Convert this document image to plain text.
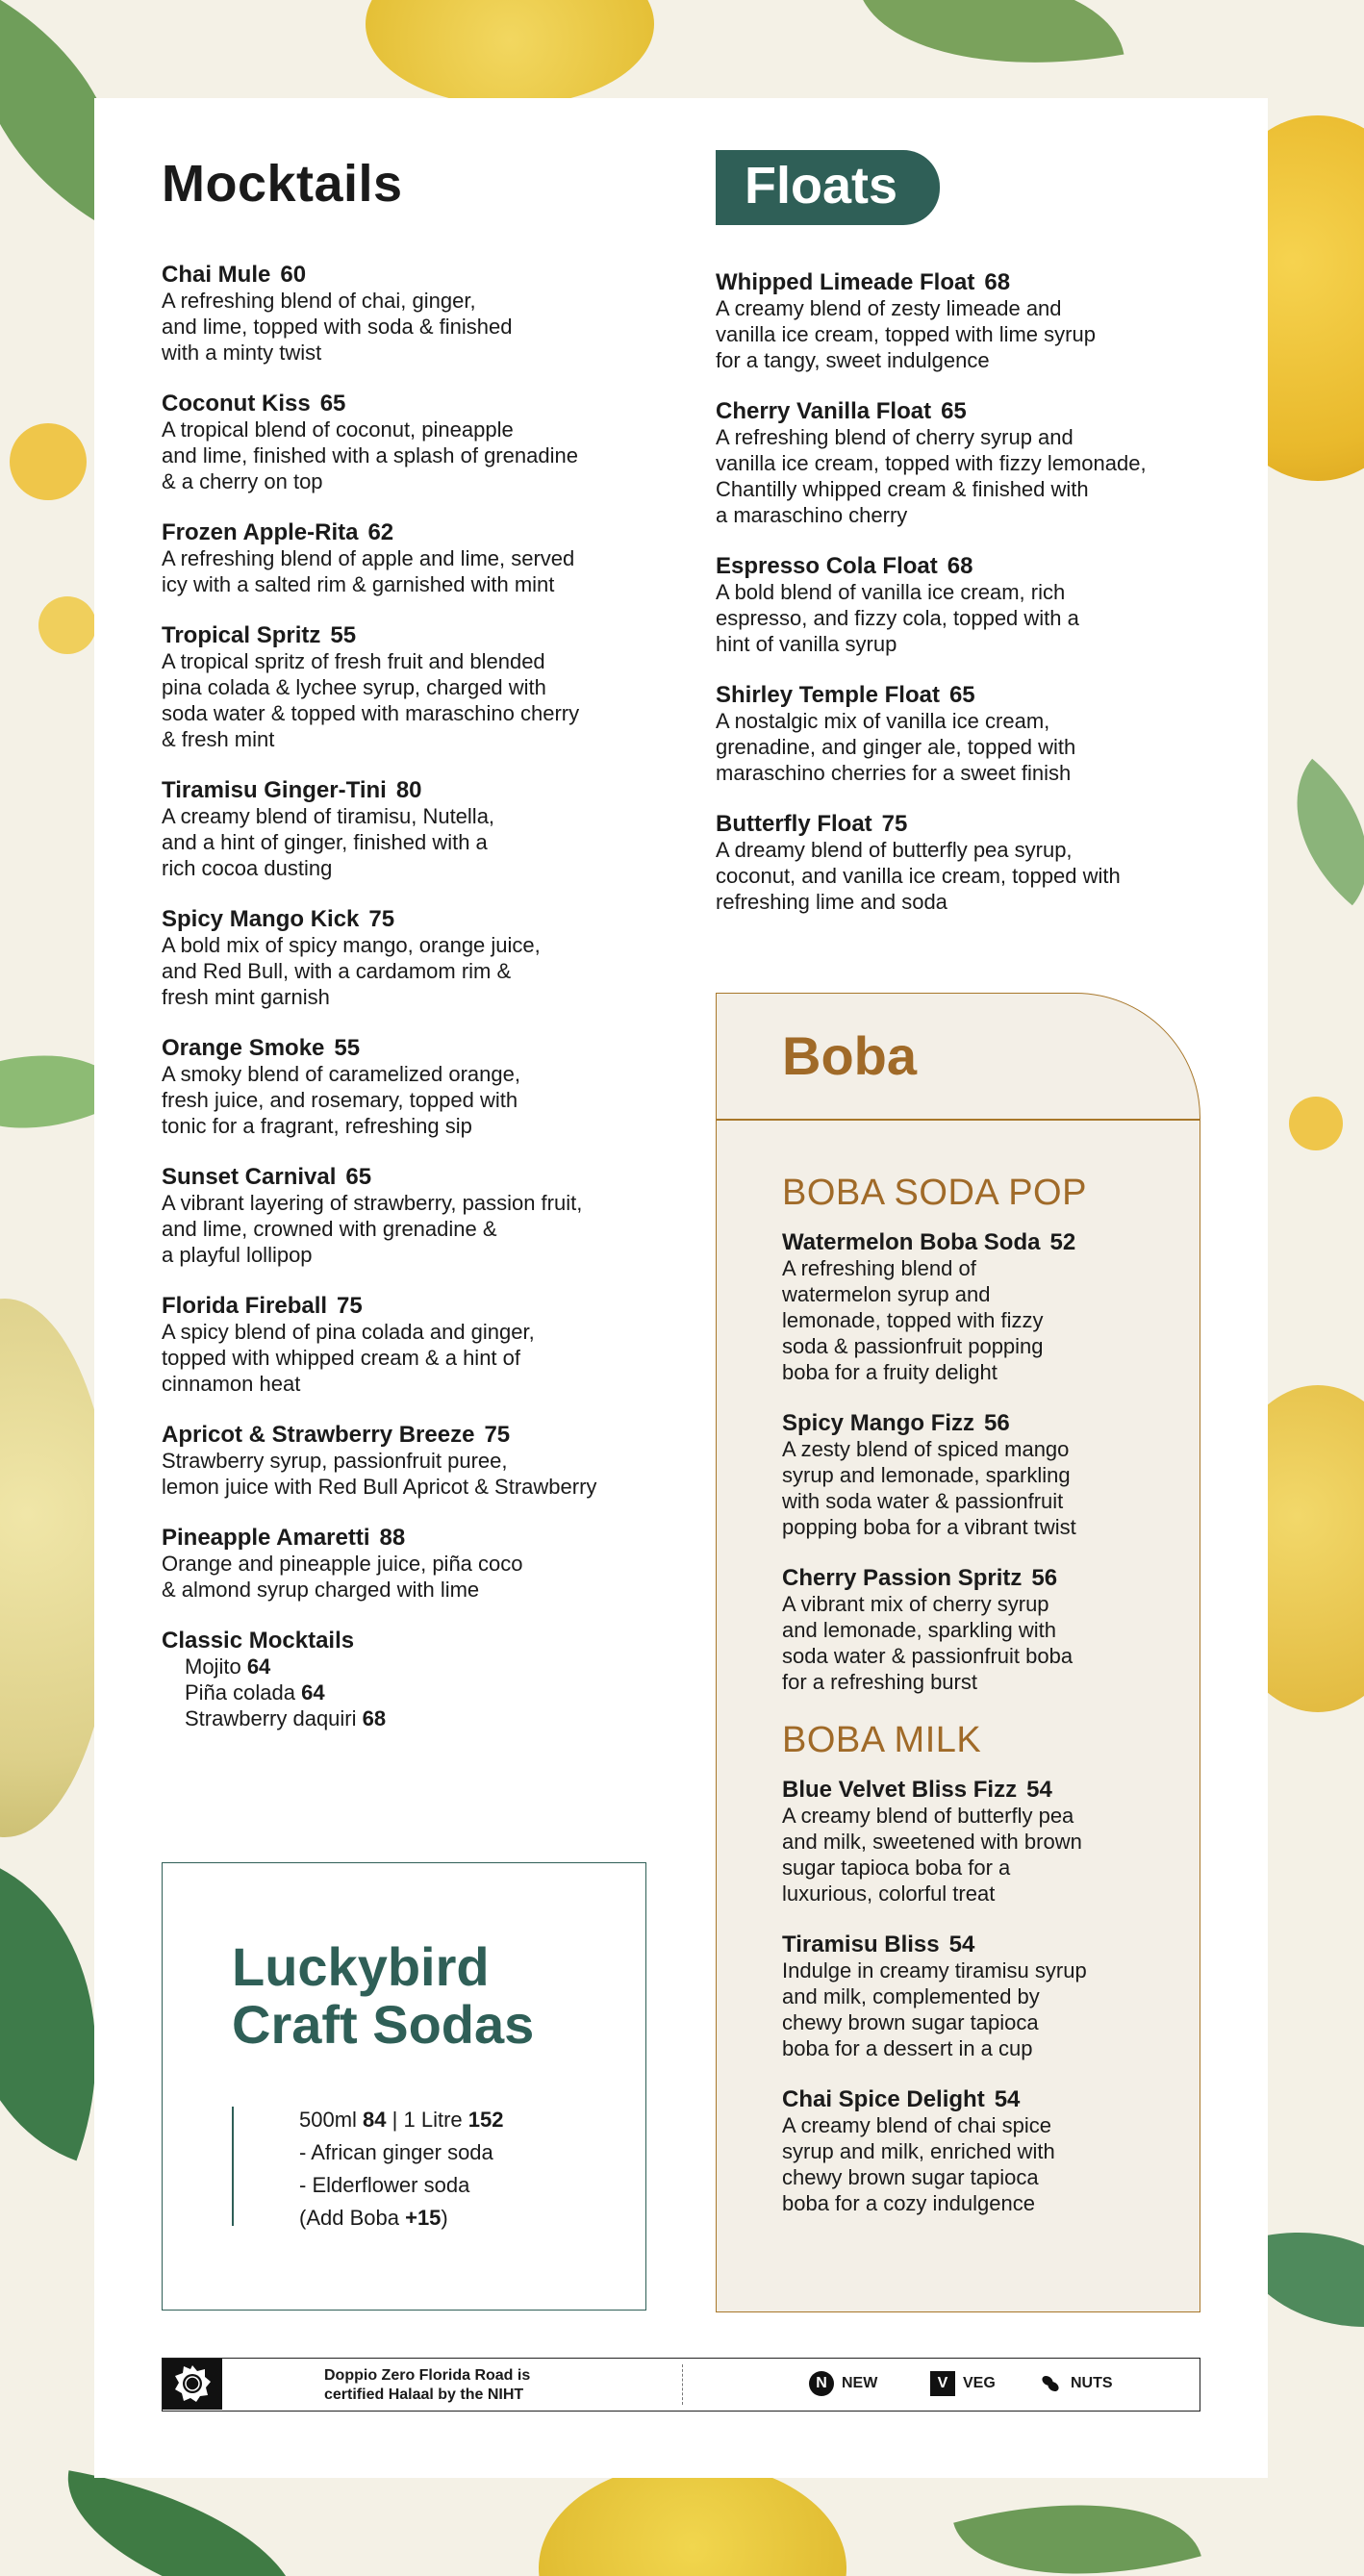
Mocktails
Chai Mule 60
A refreshing blend of chai, ginger,
and lime, topped with soda & finished
with a minty twist
Coconut Kiss 65
A tropical blend of coconut, pineapple
and lime, finished with a splash of grenadine
& a cherry on top
Frozen Apple-Rita 62
A refreshing blend of apple and lime, served
icy with a salted rim & garnished with mint
Tropical Spritz 55
A tropical spritz of fresh fruit and blended
pina colada & lychee syrup, charged with
soda water & topped with maraschino cherry
& fresh mint
Tiramisu Ginger-Tini 80
A creamy blend of tiramisu, Nutella,
and a hint of ginger, finished with a
rich cocoa dusting
Spicy Mango Kick 75
A bold mix of spicy mango, orange juice,
and Red Bull, with a cardamom rim &
fresh mint garnish
Orange Smoke 55
A smoky blend of caramelized orange,
fresh juice, and rosemary, topped with
tonic for a fragrant, refreshing sip
Sunset Carnival 65
A vibrant layering of strawberry, passion fruit,
and lime, crowned with grenadine &
a playful lollipop
Florida Fireball 75
A spicy blend of pina colada and ginger,
topped with whipped cream & a hint of
cinnamon heat
Apricot & Strawberry Breeze 75
Strawberry syrup, passionfruit puree,
lemon juice with Red Bull Apricot & Strawberry
Pineapple Amaretti 88
Orange and pineapple juice, piña coco
& almond syrup charged with lime
Classic Mocktails
Mojito 64
Piña colada 64
Strawberry daquiri 68
Luckybird
Craft Sodas
500ml 84 | 1 Litre 152
- African ginger soda
- Elderflower soda
(Add Boba +15)
Floats
Whipped Limeade Float 68
A creamy blend of zesty limeade and
vanilla ice cream, topped with lime syrup
for a tangy, sweet indulgence
Cherry Vanilla Float 65
A refreshing blend of cherry syrup and
vanilla ice cream, topped with fizzy lemonade,
Chantilly whipped cream & finished with
a maraschino cherry
Espresso Cola Float 68
A bold blend of vanilla ice cream, rich
espresso, and fizzy cola, topped with a
hint of vanilla syrup
Shirley Temple Float 65
A nostalgic mix of vanilla ice cream,
grenadine, and ginger ale, topped with
maraschino cherries for a sweet finish
Butterfly Float 75
A dreamy blend of butterfly pea syrup,
coconut, and vanilla ice cream, topped with
refreshing lime and soda
Boba
BOBA SODA POP
Watermelon Boba Soda 52
A refreshing blend of
watermelon syrup and
lemonade, topped with fizzy
soda & passionfruit popping
boba for a fruity delight
Spicy Mango Fizz 56
A zesty blend of spiced mango
syrup and lemonade, sparkling
with soda water & passionfruit
popping boba for a vibrant twist
Cherry Passion Spritz 56
A vibrant mix of cherry syrup
and lemonade, sparkling with
soda water & passionfruit boba
for a refreshing burst
BOBA MILK
Blue Velvet Bliss Fizz 54
A creamy blend of butterfly pea
and milk, sweetened with brown
sugar tapioca boba for a
luxurious, colorful treat
Tiramisu Bliss 54
Indulge in creamy tiramisu syrup
and milk, complemented by
chewy brown sugar tapioca
boba for a dessert in a cup
Chai Spice Delight 54
A creamy blend of chai spice
syrup and milk, enriched with
chewy brown sugar tapioca
boba for a cozy indulgence
Doppio Zero Florida Road is
certified Halaal by the NIHT
N NEW	V VEG	NUTS
